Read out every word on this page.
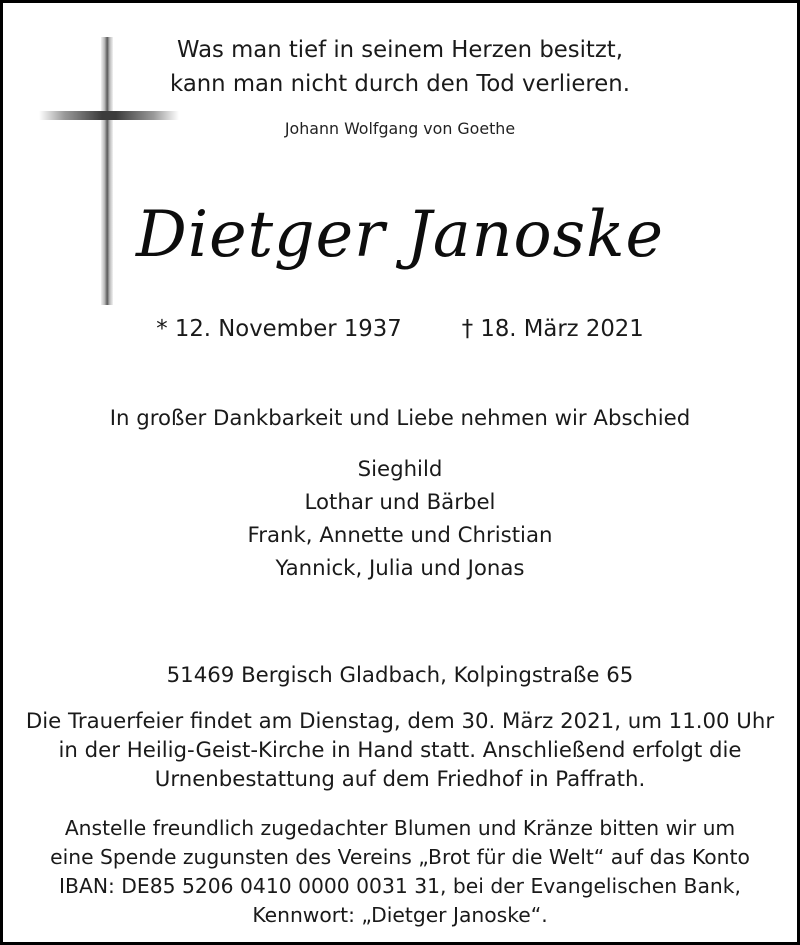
Was man tief in seinem Herzen besitzt,
kann man nicht durch den Tod verlieren.
Johann Wolfgang von Goethe
Dietger Janoske
* 12. November 1937	† 18. März 2021
In großer Dankbarkeit und Liebe nehmen wir Abschied
Sieghild
Lothar und Bärbel
Frank, Annette und Christian
Yannick, Julia und Jonas
51469 Bergisch Gladbach, Kolpingstraße 65
Die Trauerfeier findet am Dienstag, dem 30. März 2021, um 11.00 Uhr
in der Heilig-Geist-Kirche in Hand statt. Anschließend erfolgt die
Urnenbestattung auf dem Friedhof in Paffrath.
Anstelle freundlich zugedachter Blumen und Kränze bitten wir um
eine Spende zugunsten des Vereins „Brot für die Welt“ auf das Konto
IBAN: DE85 5206 0410 0000 0031 31, bei der Evangelischen Bank,
Kennwort: „Dietger Janoske“.
